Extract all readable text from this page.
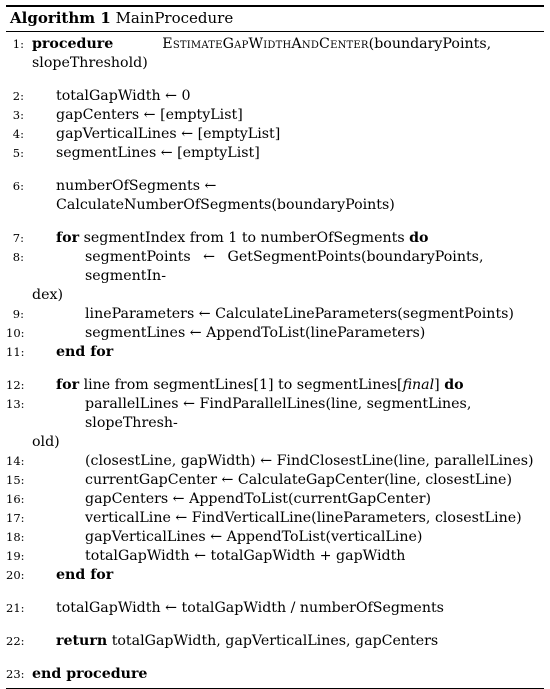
Algorithm 1 MainProcedure
1: procedure	EstimateGapWidthAndCenter(boundaryPoints,
slopeThreshold)
2: totalGapWidth ← 0
3: gapCenters ← [emptyList]
4: gapVerticalLines ← [emptyList]
5: segmentLines ← [emptyList]
6: numberOfSegments ← CalculateNumberOfSegments(boundaryPoints)
7: for segmentIndex from 1 to numberOfSegments do
8:	segmentPoints ← GetSegmentPoints(boundaryPoints, segmentIn-
dex)
9:	lineParameters ← CalculateLineParameters(segmentPoints)
10:	segmentLines ← AppendToList(lineParameters)
11: end for
12: for line from segmentLines[1] to segmentLines[final] do
13:	parallelLines ← FindParallelLines(line, segmentLines, slopeThresh-
old)
14:	(closestLine, gapWidth) ← FindClosestLine(line, parallelLines)
15:	currentGapCenter ← CalculateGapCenter(line, closestLine)
16:	gapCenters ← AppendToList(currentGapCenter)
17:	verticalLine ← FindVerticalLine(lineParameters, closestLine)
18:	gapVerticalLines ← AppendToList(verticalLine)
19:	totalGapWidth ← totalGapWidth + gapWidth
20: end for
21: totalGapWidth ← totalGapWidth / numberOfSegments
22: return totalGapWidth, gapVerticalLines, gapCenters
23: end procedure
